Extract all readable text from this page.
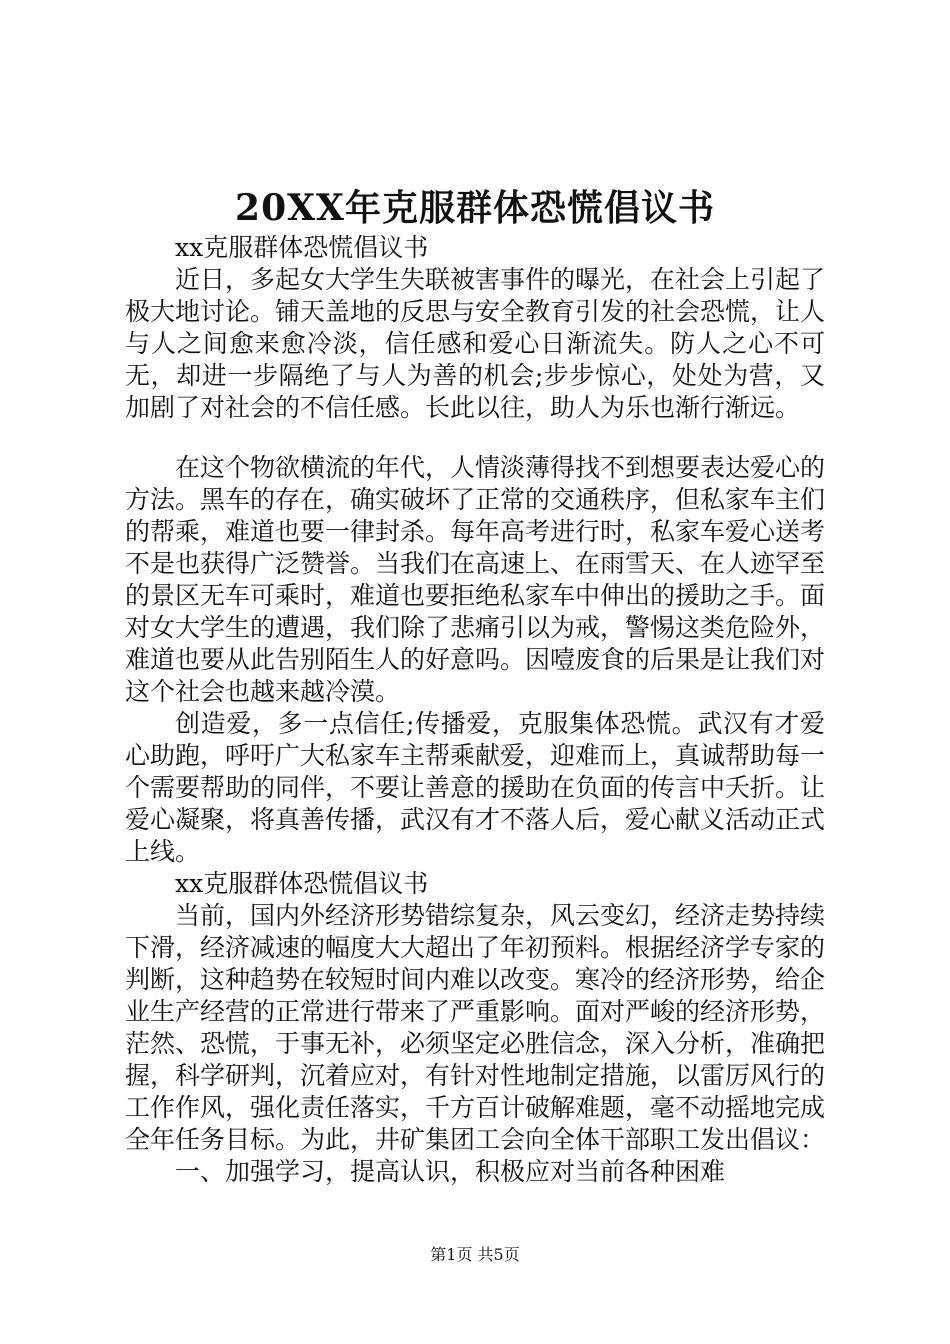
20XX年克服群体恐慌倡议书

xx克服群体恐慌倡议书

近日，多起女大学生失联被害事件的曝光，在社会上引起了极大地讨论。铺天盖地的反思与安全教育引发的社会恐慌，让人与人之间愈来愈冷淡，信任感和爱心日渐流失。防人之心不可无，却进一步隔绝了与人为善的机会;步步惊心，处处为营，又加剧了对社会的不信任感。长此以往，助人为乐也渐行渐远。

在这个物欲横流的年代，人情淡薄得找不到想要表达爱心的方法。黑车的存在，确实破坏了正常的交通秩序，但私家车主们的帮乘，难道也要一律封杀。每年高考进行时，私家车爱心送考不是也获得广泛赞誉。当我们在高速上、在雨雪天、在人迹罕至的景区无车可乘时，难道也要拒绝私家车中伸出的援助之手。面对女大学生的遭遇，我们除了悲痛引以为戒，警惕这类危险外，难道也要从此告别陌生人的好意吗。因噎废食的后果是让我们对这个社会也越来越冷漠。

创造爱，多一点信任;传播爱，克服集体恐慌。武汉有才爱心助跑，呼吁广大私家车主帮乘献爱，迎难而上，真诚帮助每一个需要帮助的同伴，不要让善意的援助在负面的传言中夭折。让爱心凝聚，将真善传播，武汉有才不落人后，爱心献义活动正式上线。

xx克服群体恐慌倡议书

当前，国内外经济形势错综复杂，风云变幻，经济走势持续下滑，经济减速的幅度大大超出了年初预料。根据经济学专家的判断，这种趋势在较短时间内难以改变。寒冷的经济形势，给企业生产经营的正常进行带来了严重影响。面对严峻的经济形势，茫然、恐慌，于事无补，必须坚定必胜信念，深入分析，准确把握，科学研判，沉着应对，有针对性地制定措施，以雷厉风行的工作作风，强化责任落实，千方百计破解难题，毫不动摇地完成全年任务目标。为此，井矿集团工会向全体干部职工发出倡议：

一、加强学习，提高认识，积极应对当前各种困难

第1页 共5页
